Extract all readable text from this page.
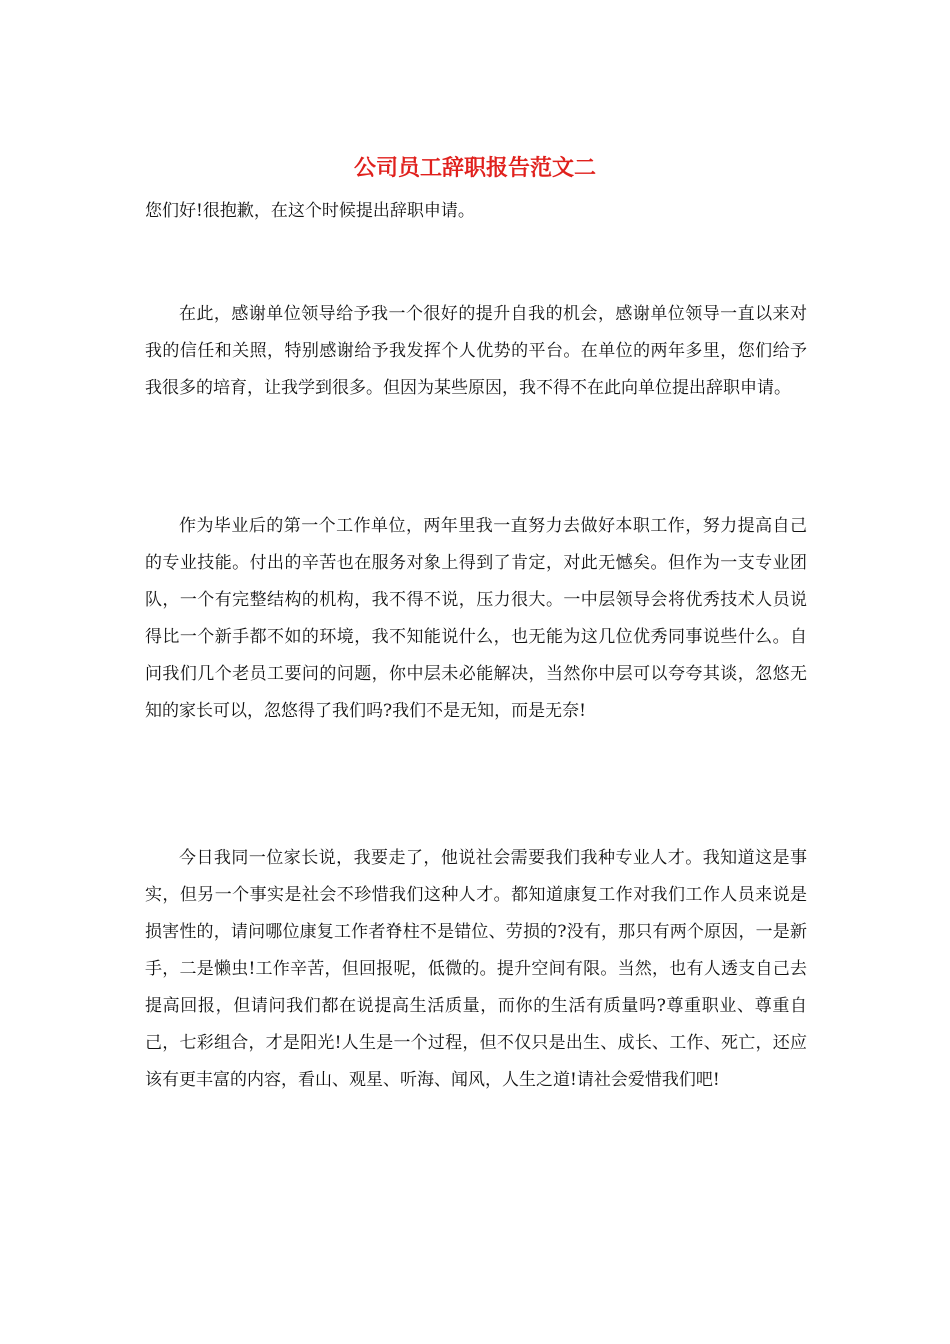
公司员工辞职报告范文二

您们好!很抱歉，在这个时候提出辞职申请。

在此，感谢单位领导给予我一个很好的提升自我的机会，感谢单位领导一直以来对我的信任和关照，特别感谢给予我发挥个人优势的平台。在单位的两年多里，您们给予我很多的培育，让我学到很多。但因为某些原因，我不得不在此向单位提出辞职申请。

作为毕业后的第一个工作单位，两年里我一直努力去做好本职工作，努力提高自己的专业技能。付出的辛苦也在服务对象上得到了肯定，对此无憾矣。但作为一支专业团队，一个有完整结构的机构，我不得不说，压力很大。一中层领导会将优秀技术人员说得比一个新手都不如的环境，我不知能说什么，也无能为这几位优秀同事说些什么。自问我们几个老员工要问的问题，你中层未必能解决，当然你中层可以夸夸其谈，忽悠无知的家长可以，忽悠得了我们吗?我们不是无知，而是无奈!

今日我同一位家长说，我要走了，他说社会需要我们我种专业人才。我知道这是事实，但另一个事实是社会不珍惜我们这种人才。都知道康复工作对我们工作人员来说是损害性的，请问哪位康复工作者脊柱不是错位、劳损的?没有，那只有两个原因，一是新手，二是懒虫!工作辛苦，但回报呢，低微的。提升空间有限。当然，也有人透支自己去提高回报，但请问我们都在说提高生活质量，而你的生活有质量吗?尊重职业、尊重自己，七彩组合，才是阳光!人生是一个过程，但不仅只是出生、成长、工作、死亡，还应该有更丰富的内容，看山、观星、听海、闻风，人生之道!请社会爱惜我们吧!
